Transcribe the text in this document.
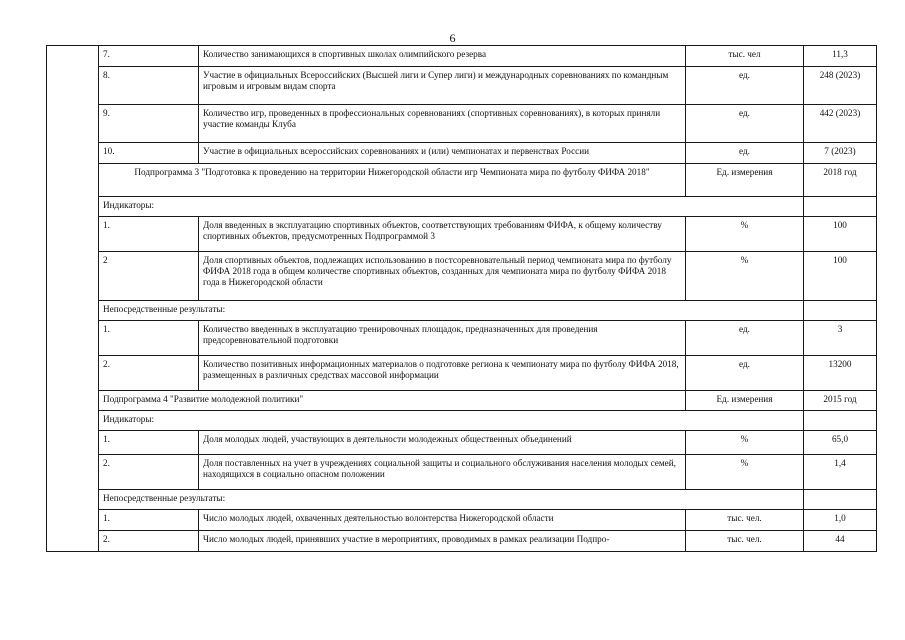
6
	7.	Количество занимающихся в спортивных школах олимпийского резерва	тыс. чел	11,3
	8.	Участие в официальных Всероссийских (Высшей лиги и Супер лиги) и международных соревнованиях по командным игровым и игровым видам спорта	ед.	248 (2023)
	9.	Количество игр, проведенных в профессиональных соревнованиях (спортивных соревнованиях), в которых приняли участие команды Клуба	ед.	442 (2023)
	10.	Участие в официальных всероссийских соревнованиях и (или) чемпионатах и первенствах России	ед.	7 (2023)
	Подпрограмма 3 "Подготовка к проведению на территории Нижегородской области игр Чемпионата мира по футболу ФИФА 2018"		Ед. измерения	2018 год
	Индикаторы:			
	1.	Доля введенных в эксплуатацию спортивных объектов, соответствующих требованиям ФИФА, к общему количеству спортивных объектов, предусмотренных Подпрограммой 3	%	100
	2	Доля спортивных объектов, подлежащих использованию в постсоревновательный период чемпионата мира по футболу ФИФА 2018 года в общем количестве спортивных объектов, созданных для чемпионата мира по футболу ФИФА 2018 года в Нижегородской области	%	100
	Непосредственные результаты:			
	1.	Количество введенных в эксплуатацию тренировочных площадок, предназначенных для проведения предсоревновательной подготовки	ед.	3
	2.	Количество позитивных информационных материалов о подготовке региона к чемпионату мира по футболу ФИФА 2018, размещенных в различных средствах массовой информации	ед.	13200
	Подпрограмма 4 "Развитие молодежной политики"		Ед. измерения	2015 год
	Индикаторы:			
	1.	Доля молодых людей, участвующих в деятельности молодежных общественных объединений	%	65,0
	2.	Доля поставленных на учет в учреждениях социальной защиты и социального обслуживания населения молодых семей, находящихся в социально опасном положении	%	1,4
	Непосредственные результаты:			
	1.	Число молодых людей, охваченных деятельностью волонтерства Нижегородской области	тыс. чел.	1,0
	2.	Число молодых людей, принявших участие в мероприятиях, проводимых в рамках реализации Подпро-	тыс. чел.	44
